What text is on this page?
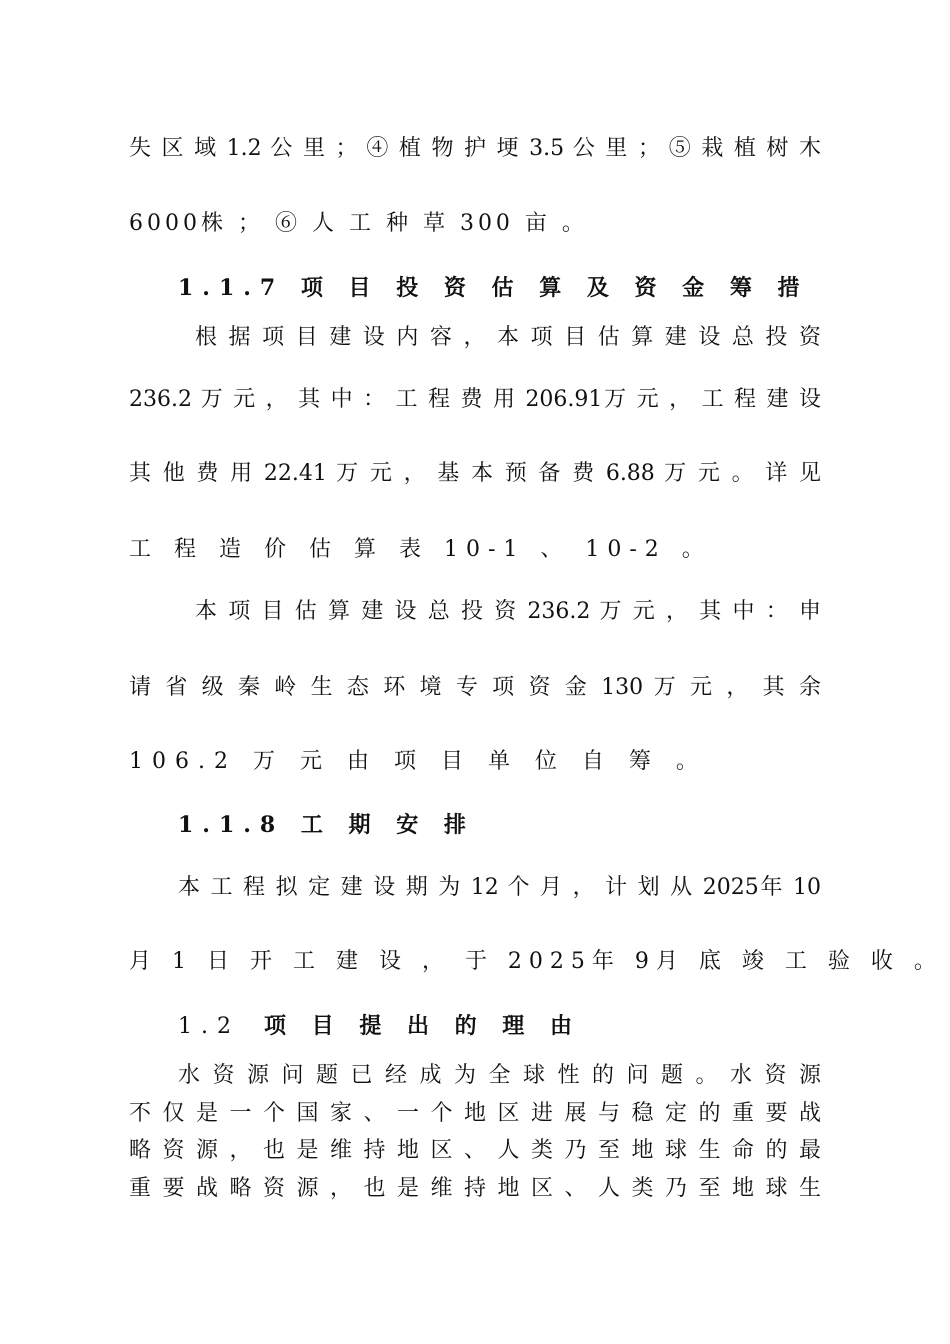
失 区 域 1.2 公 里 ； ④ 植 物 护 埂 3.5 公 里 ； ⑤ 栽 植 树 木
6000株 ； ⑥ 人 工 种 草 300 亩 。
1.1.7 项 目 投 资 估 算 及 资 金 筹 措
根 据 项 目 建 设 内 容 ， 本 项 目 估 算 建 设 总 投 资
236.2 万 元 ， 其 中 ： 工 程 费 用 206.91万 元 ， 工 程 建 设
其 他 费 用 22.41 万 元 ， 基 本 预 备 费 6.88 万 元 。 详 见
工 程 造 价 估 算 表 10-1 、 10-2 。
本 项 目 估 算 建 设 总 投 资 236.2 万 元 ， 其 中 ： 申
请 省 级 秦 岭 生 态 环 境 专 项 资 金 130 万 元 ， 其 余
106.2 万 元 由 项 目 单 位 自 筹 。
1.1.8 工 期 安 排
本 工 程 拟 定 建 设 期 为 12 个 月 ， 计 划 从 2025年 10
月 1 日 开 工 建 设 ， 于 2025年 9月 底 竣 工 验 收 。
1.2 项 目 提 出 的 理 由
水 资 源 问 题 已 经 成 为 全 球 性 的 问 题 。 水 资 源
不 仅 是 一 个 国 家 、 一 个 地 区 进 展 与 稳 定 的 重 要 战
略 资 源 ， 也 是 维 持 地 区 、 人 类 乃 至 地 球 生 命 的 最
重 要 战 略 资 源 ， 也 是 维 持 地 区 、 人 类 乃 至 地 球 生
